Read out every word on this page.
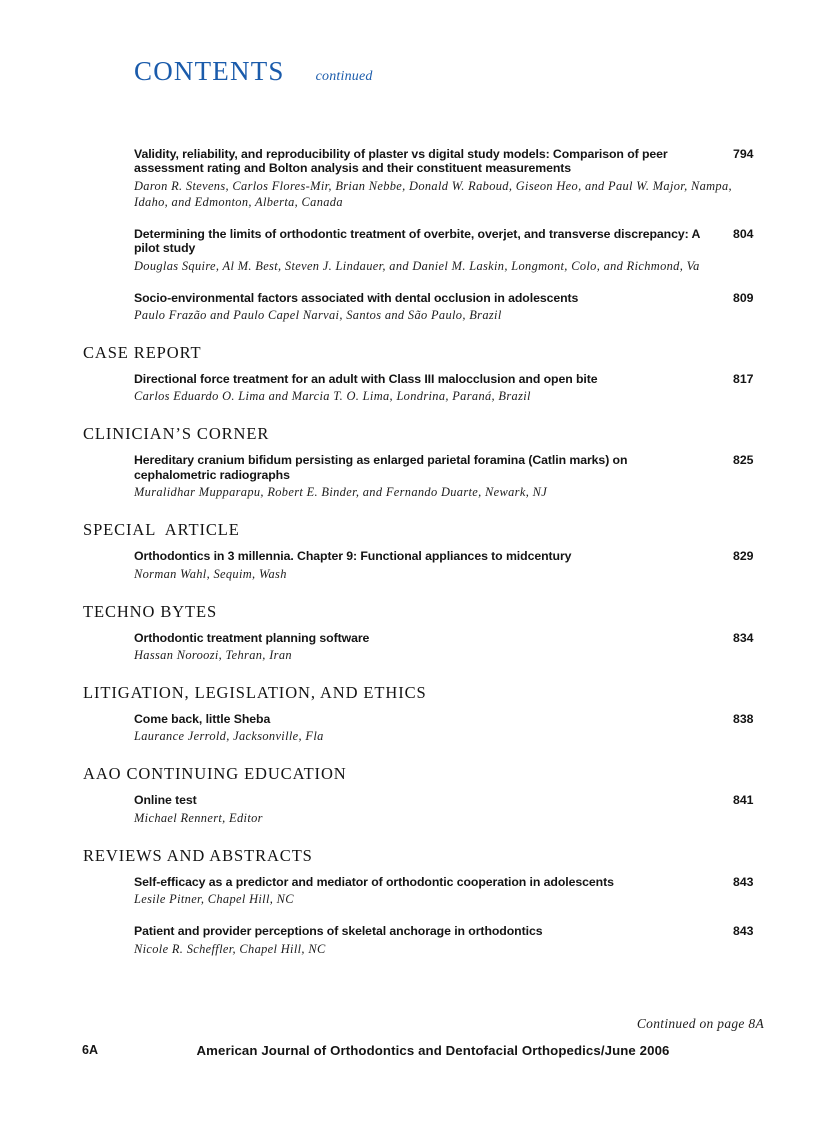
CONTENTS continued
Validity, reliability, and reproducibility of plaster vs digital study models: Comparison of peer assessment rating and Bolton analysis and their constituent measurements
Daron R. Stevens, Carlos Flores-Mir, Brian Nebbe, Donald W. Raboud, Giseon Heo, and Paul W. Major, Nampa, Idaho, and Edmonton, Alberta, Canada
794
Determining the limits of orthodontic treatment of overbite, overjet, and transverse discrepancy: A pilot study
Douglas Squire, Al M. Best, Steven J. Lindauer, and Daniel M. Laskin, Longmont, Colo, and Richmond, Va
804
Socio-environmental factors associated with dental occlusion in adolescents
Paulo Frazão and Paulo Capel Narvai, Santos and São Paulo, Brazil
809
CASE REPORT
Directional force treatment for an adult with Class III malocclusion and open bite
Carlos Eduardo O. Lima and Marcia T. O. Lima, Londrina, Paraná, Brazil
817
CLINICIAN’S CORNER
Hereditary cranium bifidum persisting as enlarged parietal foramina (Catlin marks) on cephalometric radiographs
Muralidhar Mupparapu, Robert E. Binder, and Fernando Duarte, Newark, NJ
825
SPECIAL  ARTICLE
Orthodontics in 3 millennia. Chapter 9: Functional appliances to midcentury
Norman Wahl, Sequim, Wash
829
TECHNO BYTES
Orthodontic treatment planning software
Hassan Noroozi, Tehran, Iran
834
LITIGATION, LEGISLATION, AND ETHICS
Come back, little Sheba
Laurance Jerrold, Jacksonville, Fla
838
AAO CONTINUING EDUCATION
Online test
Michael Rennert, Editor
841
REVIEWS AND ABSTRACTS
Self-efficacy as a predictor and mediator of orthodontic cooperation in adolescents
Lesile Pitner, Chapel Hill, NC
843
Patient and provider perceptions of skeletal anchorage in orthodontics
Nicole R. Scheffler, Chapel Hill, NC
843
Continued on page 8A
6A	American Journal of Orthodontics and Dentofacial Orthopedics/June 2006
